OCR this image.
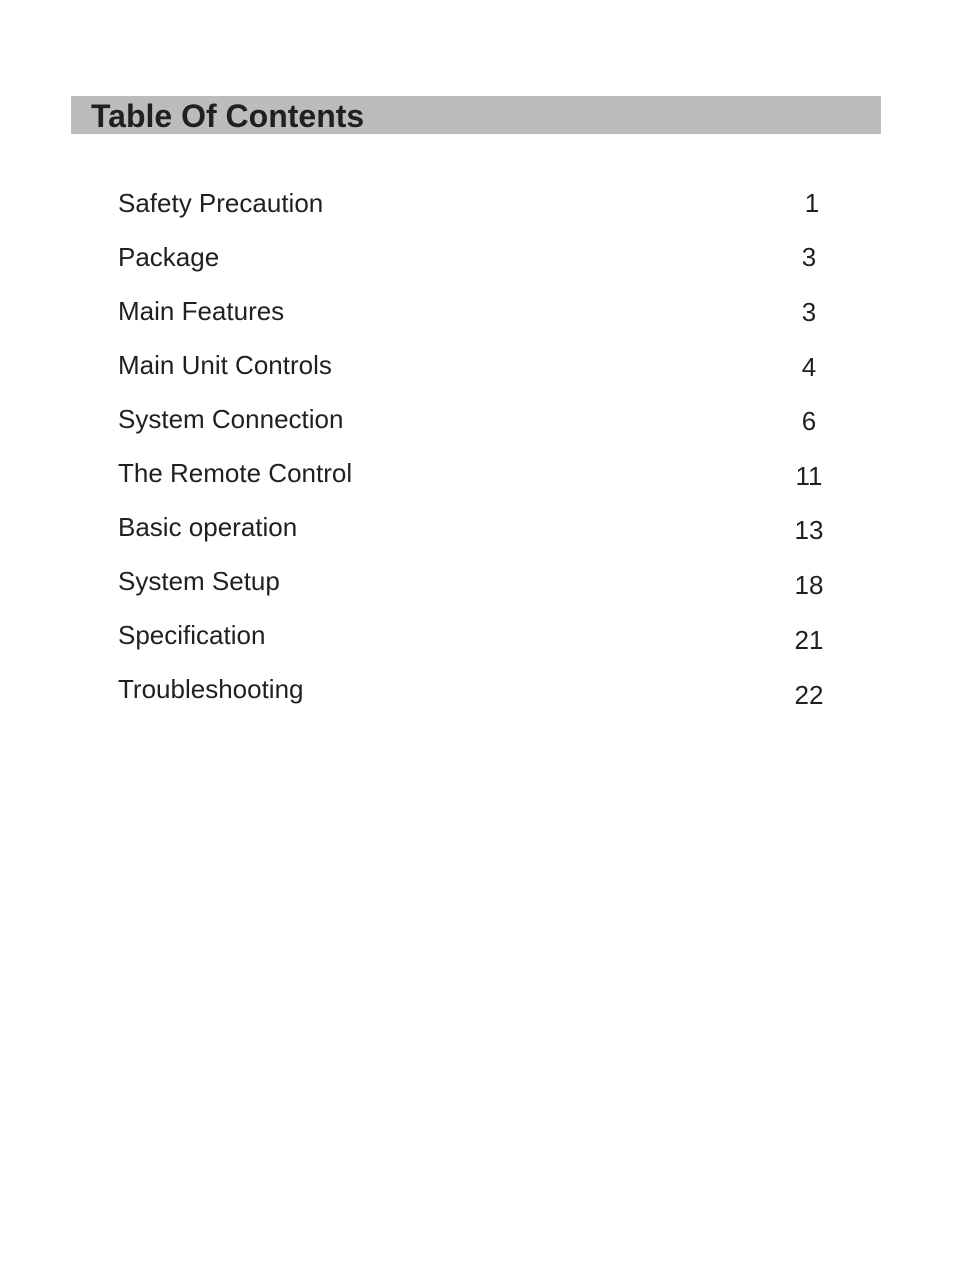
Table Of Contents
Safety Precaution	1
Package	3
Main Features	3
Main Unit Controls	4
System Connection	6
The Remote Control	11
Basic operation	13
System Setup	18
Specification	21
Troubleshooting	22
